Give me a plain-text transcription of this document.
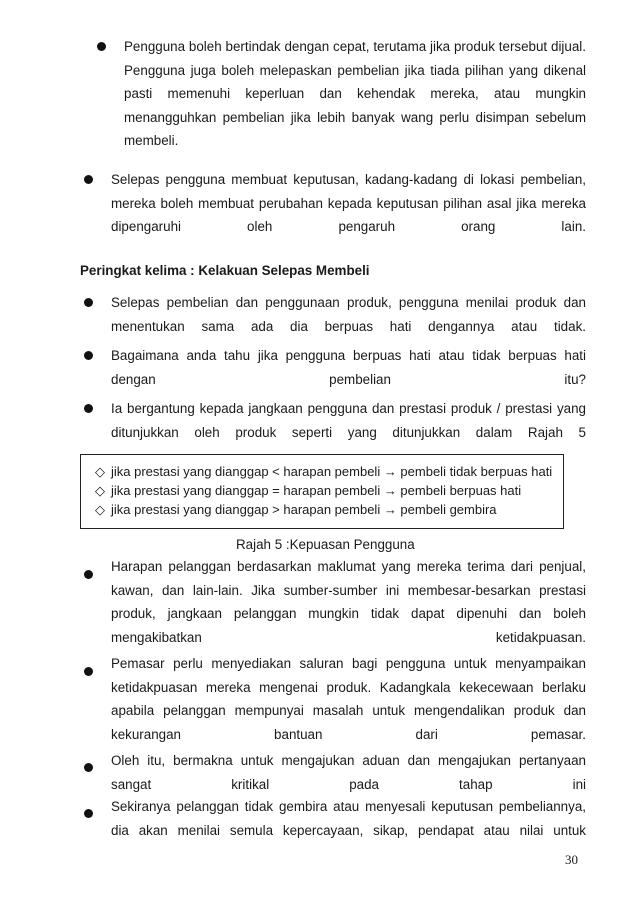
Pengguna boleh bertindak dengan cepat, terutama jika produk tersebut dijual. Pengguna juga boleh melepaskan pembelian jika tiada pilihan yang dikenal pasti memenuhi keperluan dan kehendak mereka, atau mungkin menangguhkan pembelian jika lebih banyak wang perlu disimpan sebelum membeli.
Selepas pengguna membuat keputusan, kadang-kadang di lokasi pembelian, mereka boleh membuat perubahan kepada keputusan pilihan asal jika mereka dipengaruhi oleh pengaruh orang lain.
Peringkat kelima : Kelakuan Selepas Membeli
Selepas pembelian dan penggunaan produk, pengguna menilai produk dan menentukan sama ada dia berpuas hati dengannya atau tidak.
Bagaimana anda tahu jika pengguna berpuas hati atau tidak berpuas hati dengan pembelian itu?
Ia bergantung kepada jangkaan pengguna dan prestasi produk / prestasi yang ditunjukkan oleh produk seperti yang ditunjukkan dalam Rajah 5
◇ jika prestasi yang dianggap < harapan pembeli → pembeli tidak berpuas hati
◇ jika prestasi yang dianggap = harapan pembeli → pembeli berpuas hati
◇ jika prestasi yang dianggap > harapan pembeli → pembeli gembira
Rajah 5 :Kepuasan Pengguna
Harapan pelanggan berdasarkan maklumat yang mereka terima dari penjual, kawan, dan lain-lain. Jika sumber-sumber ini membesar-besarkan prestasi produk, jangkaan pelanggan mungkin tidak dapat dipenuhi dan boleh mengakibatkan ketidakpuasan.
Pemasar perlu menyediakan saluran bagi pengguna untuk menyampaikan ketidakpuasan mereka mengenai produk. Kadangkala kekecewaan berlaku apabila pelanggan mempunyai masalah untuk mengendalikan produk dan kekurangan bantuan dari pemasar.
Oleh itu, bermakna untuk mengajukan aduan dan mengajukan pertanyaan sangat kritikal pada tahap ini
Sekiranya pelanggan tidak gembira atau menyesali keputusan pembeliannya, dia akan menilai semula kepercayaan, sikap, pendapat atau nilai untuk
30
